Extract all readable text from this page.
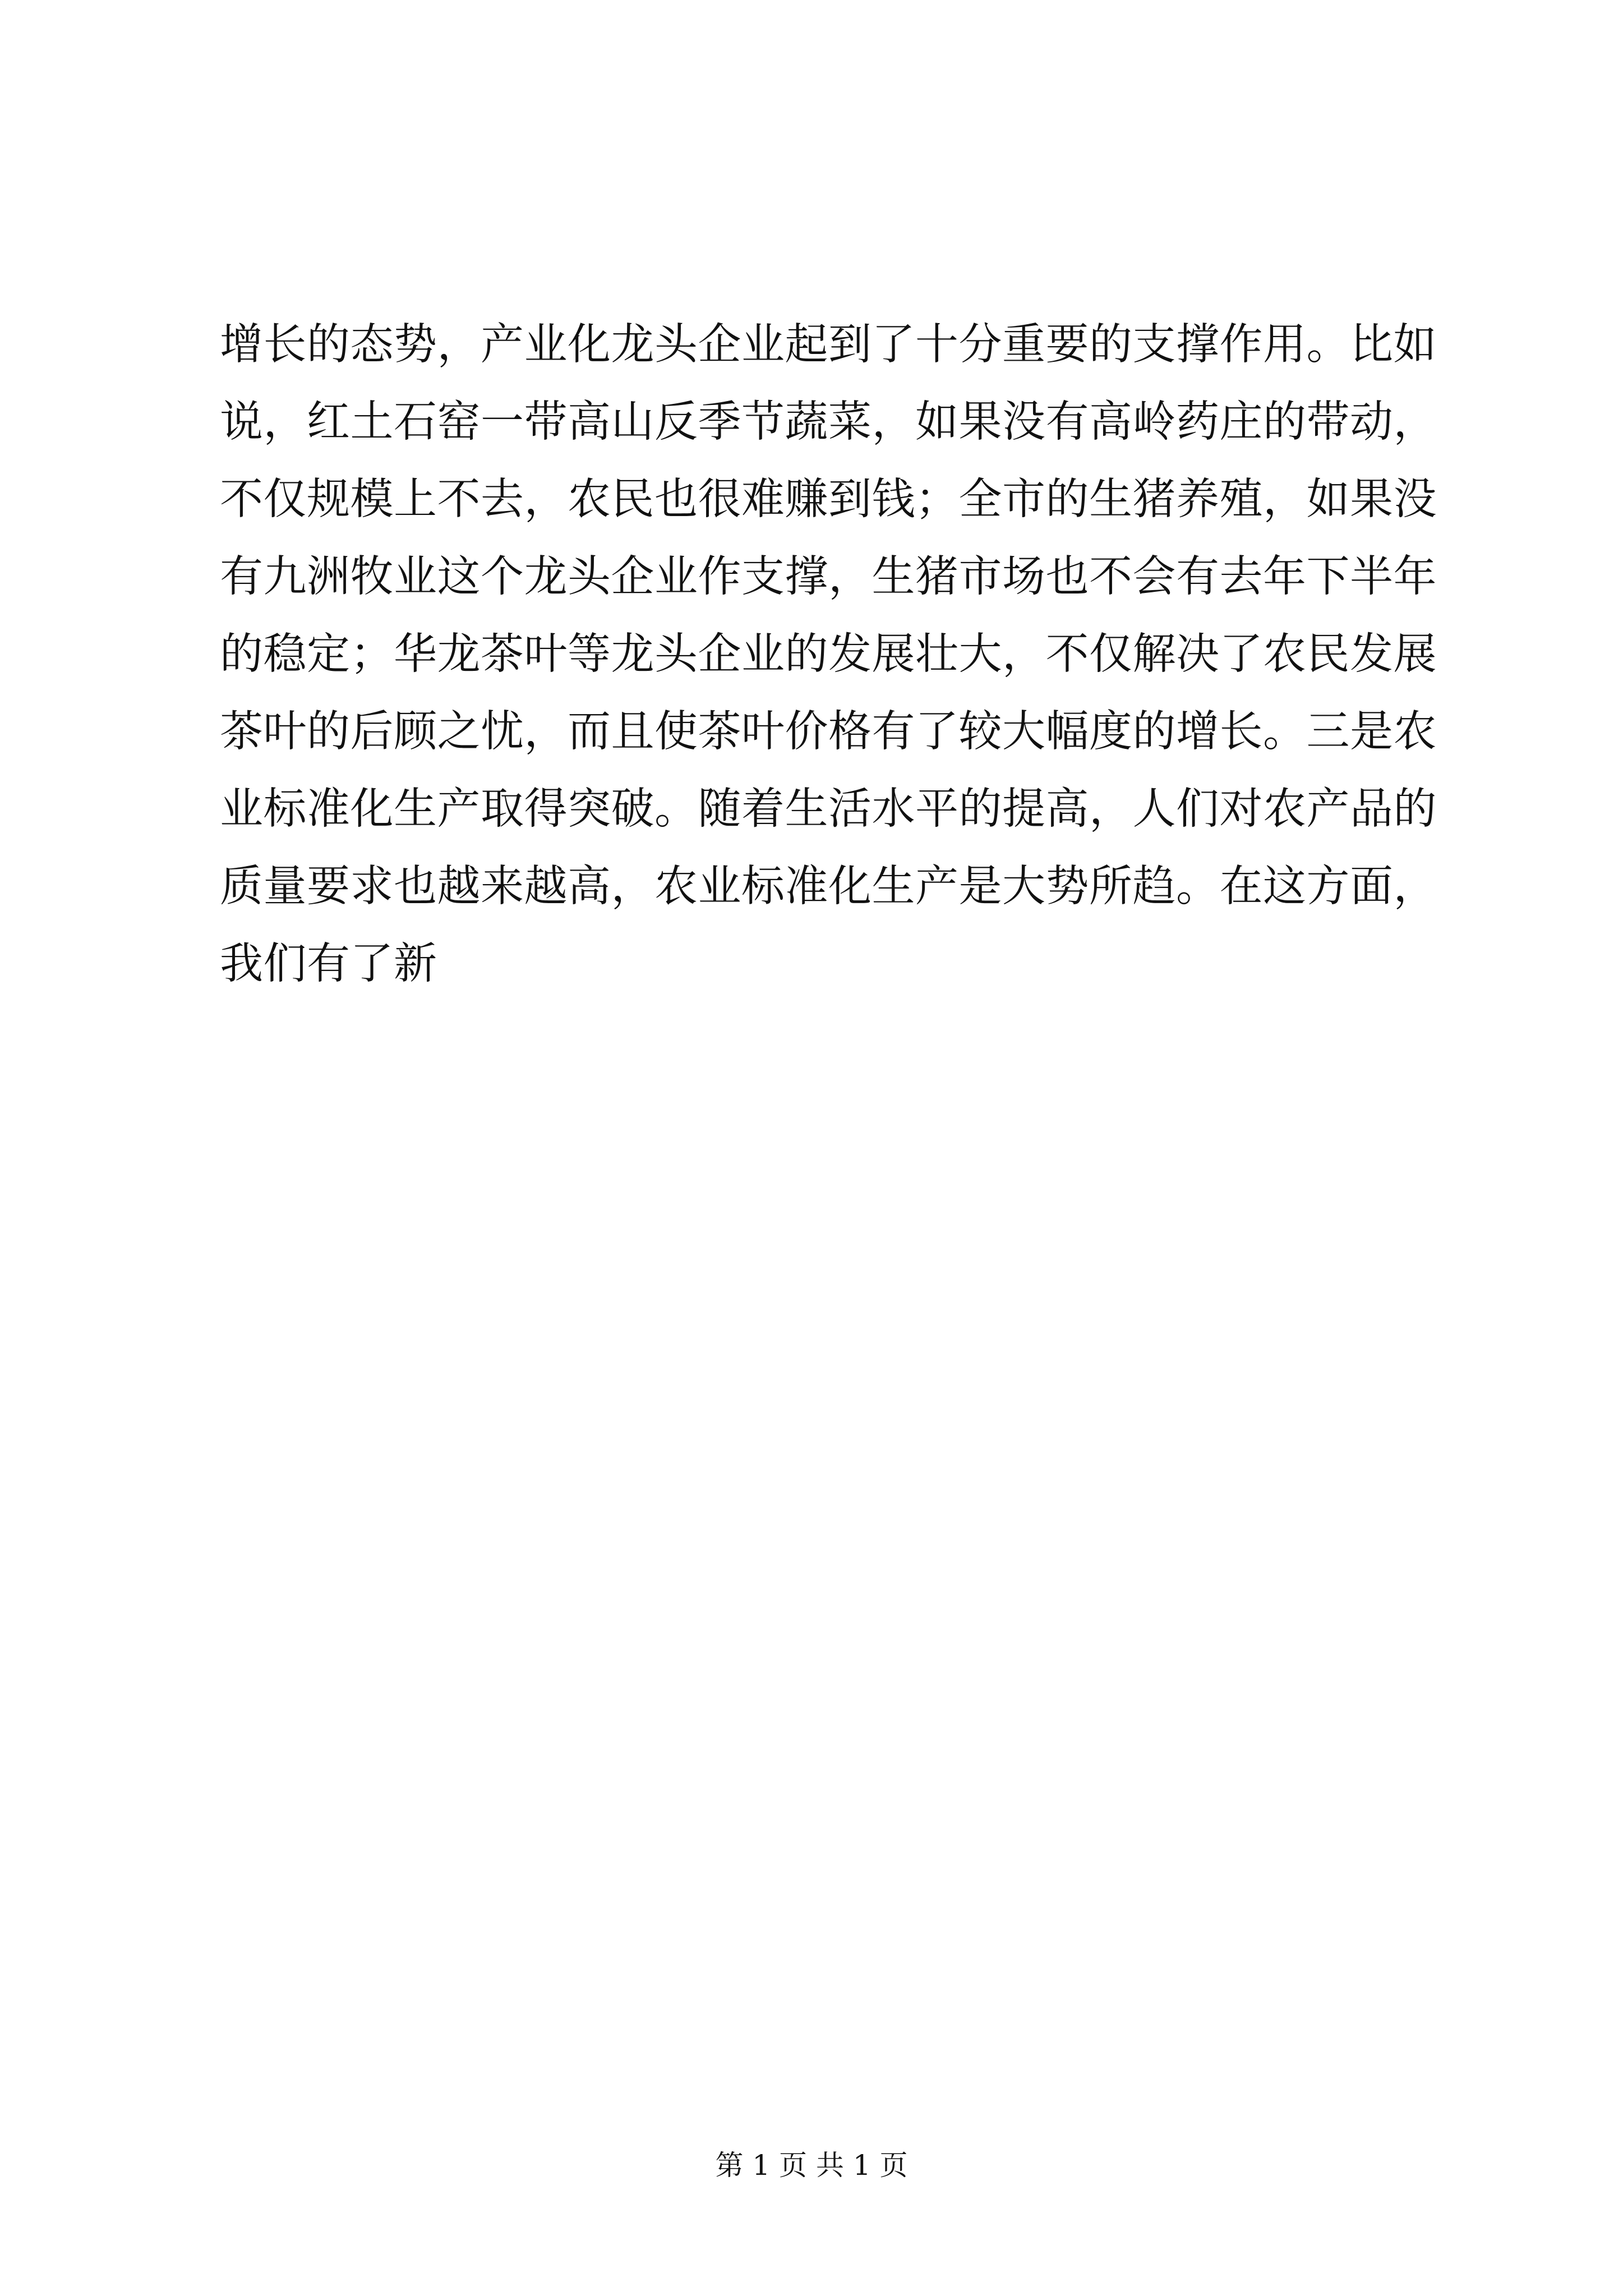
增长的态势，产业化龙头企业起到了十分重要的支撑作用。比如
说，红土石窑一带高山反季节蔬菜，如果没有高岭药庄的带动，
不仅规模上不去，农民也很难赚到钱；全市的生猪养殖，如果没
有九洲牧业这个龙头企业作支撑，生猪市场也不会有去年下半年
的稳定；华龙茶叶等龙头企业的发展壮大，不仅解决了农民发展
茶叶的后顾之忧，而且使茶叶价格有了较大幅度的增长。三是农
业标准化生产取得突破。随着生活水平的提高，人们对农产品的
质量要求也越来越高，农业标准化生产是大势所趋。在这方面，
我们有了新
第 1 页 共 1 页
